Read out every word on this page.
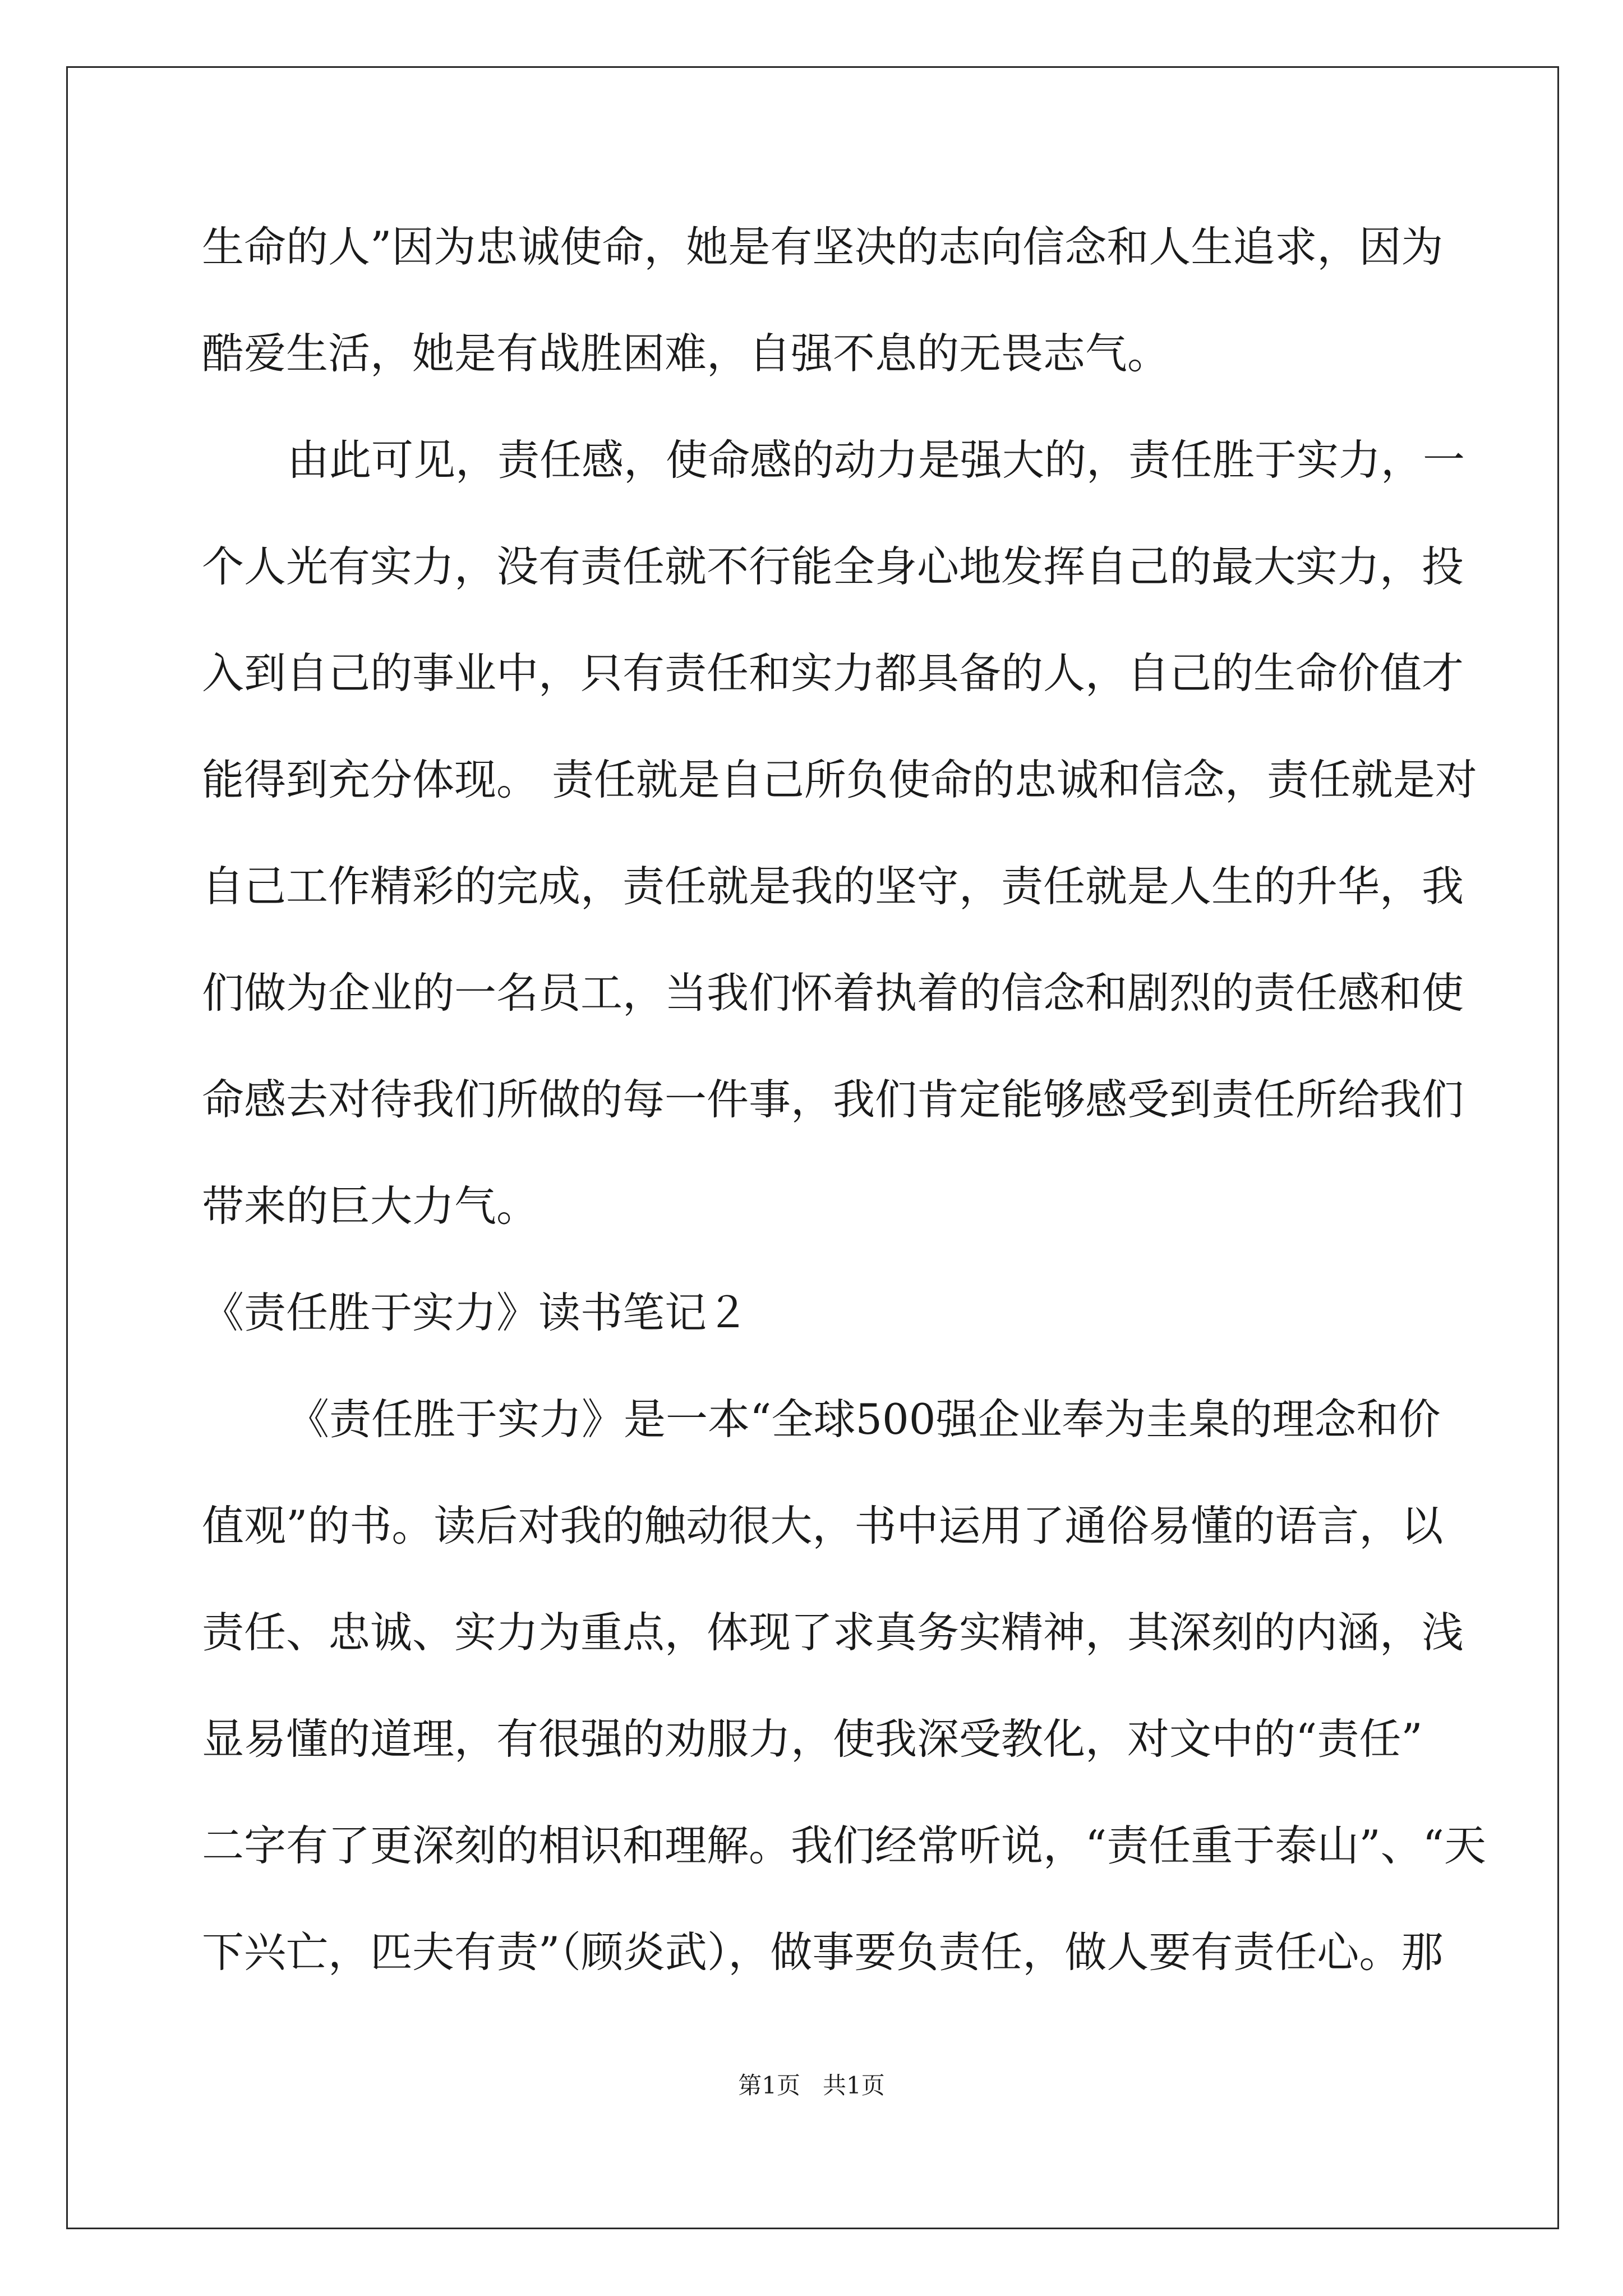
生命的人”因为忠诚使命，她是有坚决的志向信念和人生追求，因为
酷爱生活，她是有战胜困难，自强不息的无畏志气。
由此可见，责任感，使命感的动力是强大的，责任胜于实力，一
个人光有实力，没有责任就不行能全身心地发挥自己的最大实力，投
入到自己的事业中，只有责任和实力都具备的人，自己的生命价值才
能得到充分体现。 责任就是自己所负使命的忠诚和信念，责任就是对
自己工作精彩的完成，责任就是我的坚守，责任就是人生的升华，我
们做为企业的一名员工，当我们怀着执着的信念和剧烈的责任感和使
命感去对待我们所做的每一件事，我们肯定能够感受到责任所给我们
带来的巨大力气。
《责任胜于实力》读书笔记２
《责任胜于实力》是一本“全球500强企业奉为圭臬的理念和价
值观”的书。读后对我的触动很大，书中运用了通俗易懂的语言，以
责任、忠诚、实力为重点，体现了求真务实精神，其深刻的内涵，浅
显易懂的道理，有很强的劝服力，使我深受教化，对文中的“责任”
二字有了更深刻的相识和理解。我们经常听说，“责任重于泰山”、“天
下兴亡，匹夫有责”（顾炎武），做事要负责任，做人要有责任心。那
第1页   共1页
